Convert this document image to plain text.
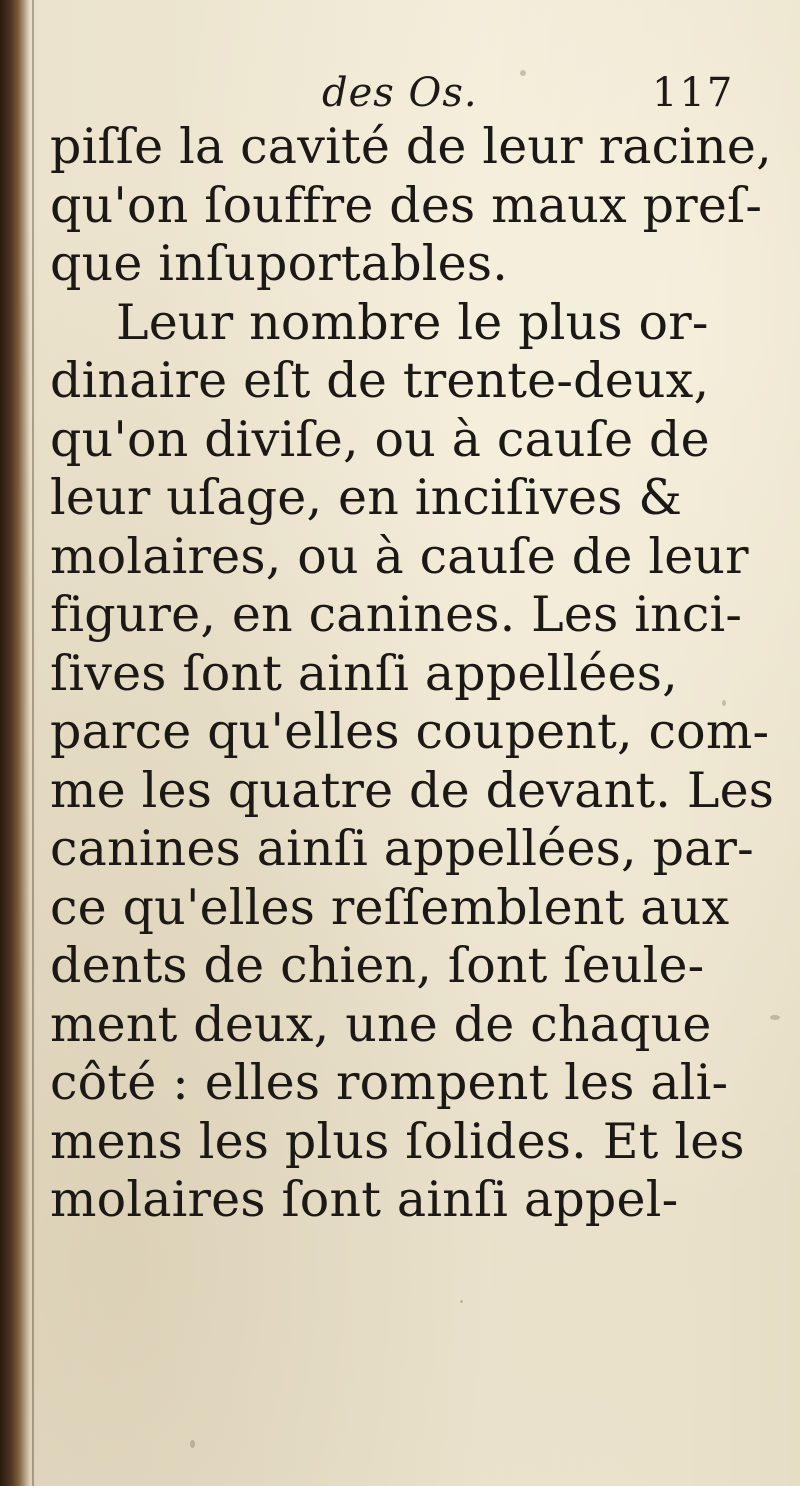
des Os.	117
piſſe la cavité de leur racine,
qu'on ſouffre des maux preſ-
que inſuportables.
Leur nombre le plus or-
dinaire eſt de trente-deux,
qu'on diviſe, ou à cauſe de
leur uſage, en inciſives &
molaires, ou à cauſe de leur
figure, en canines. Les inci-
ſives ſont ainſi appellées,
parce qu'elles coupent, com-
me les quatre de devant. Les
canines ainſi appellées, par-
ce qu'elles reſſemblent aux
dents de chien, ſont ſeule-
ment deux, une de chaque
côté : elles rompent les ali-
mens les plus ſolides. Et les
molaires ſont ainſi appel-
